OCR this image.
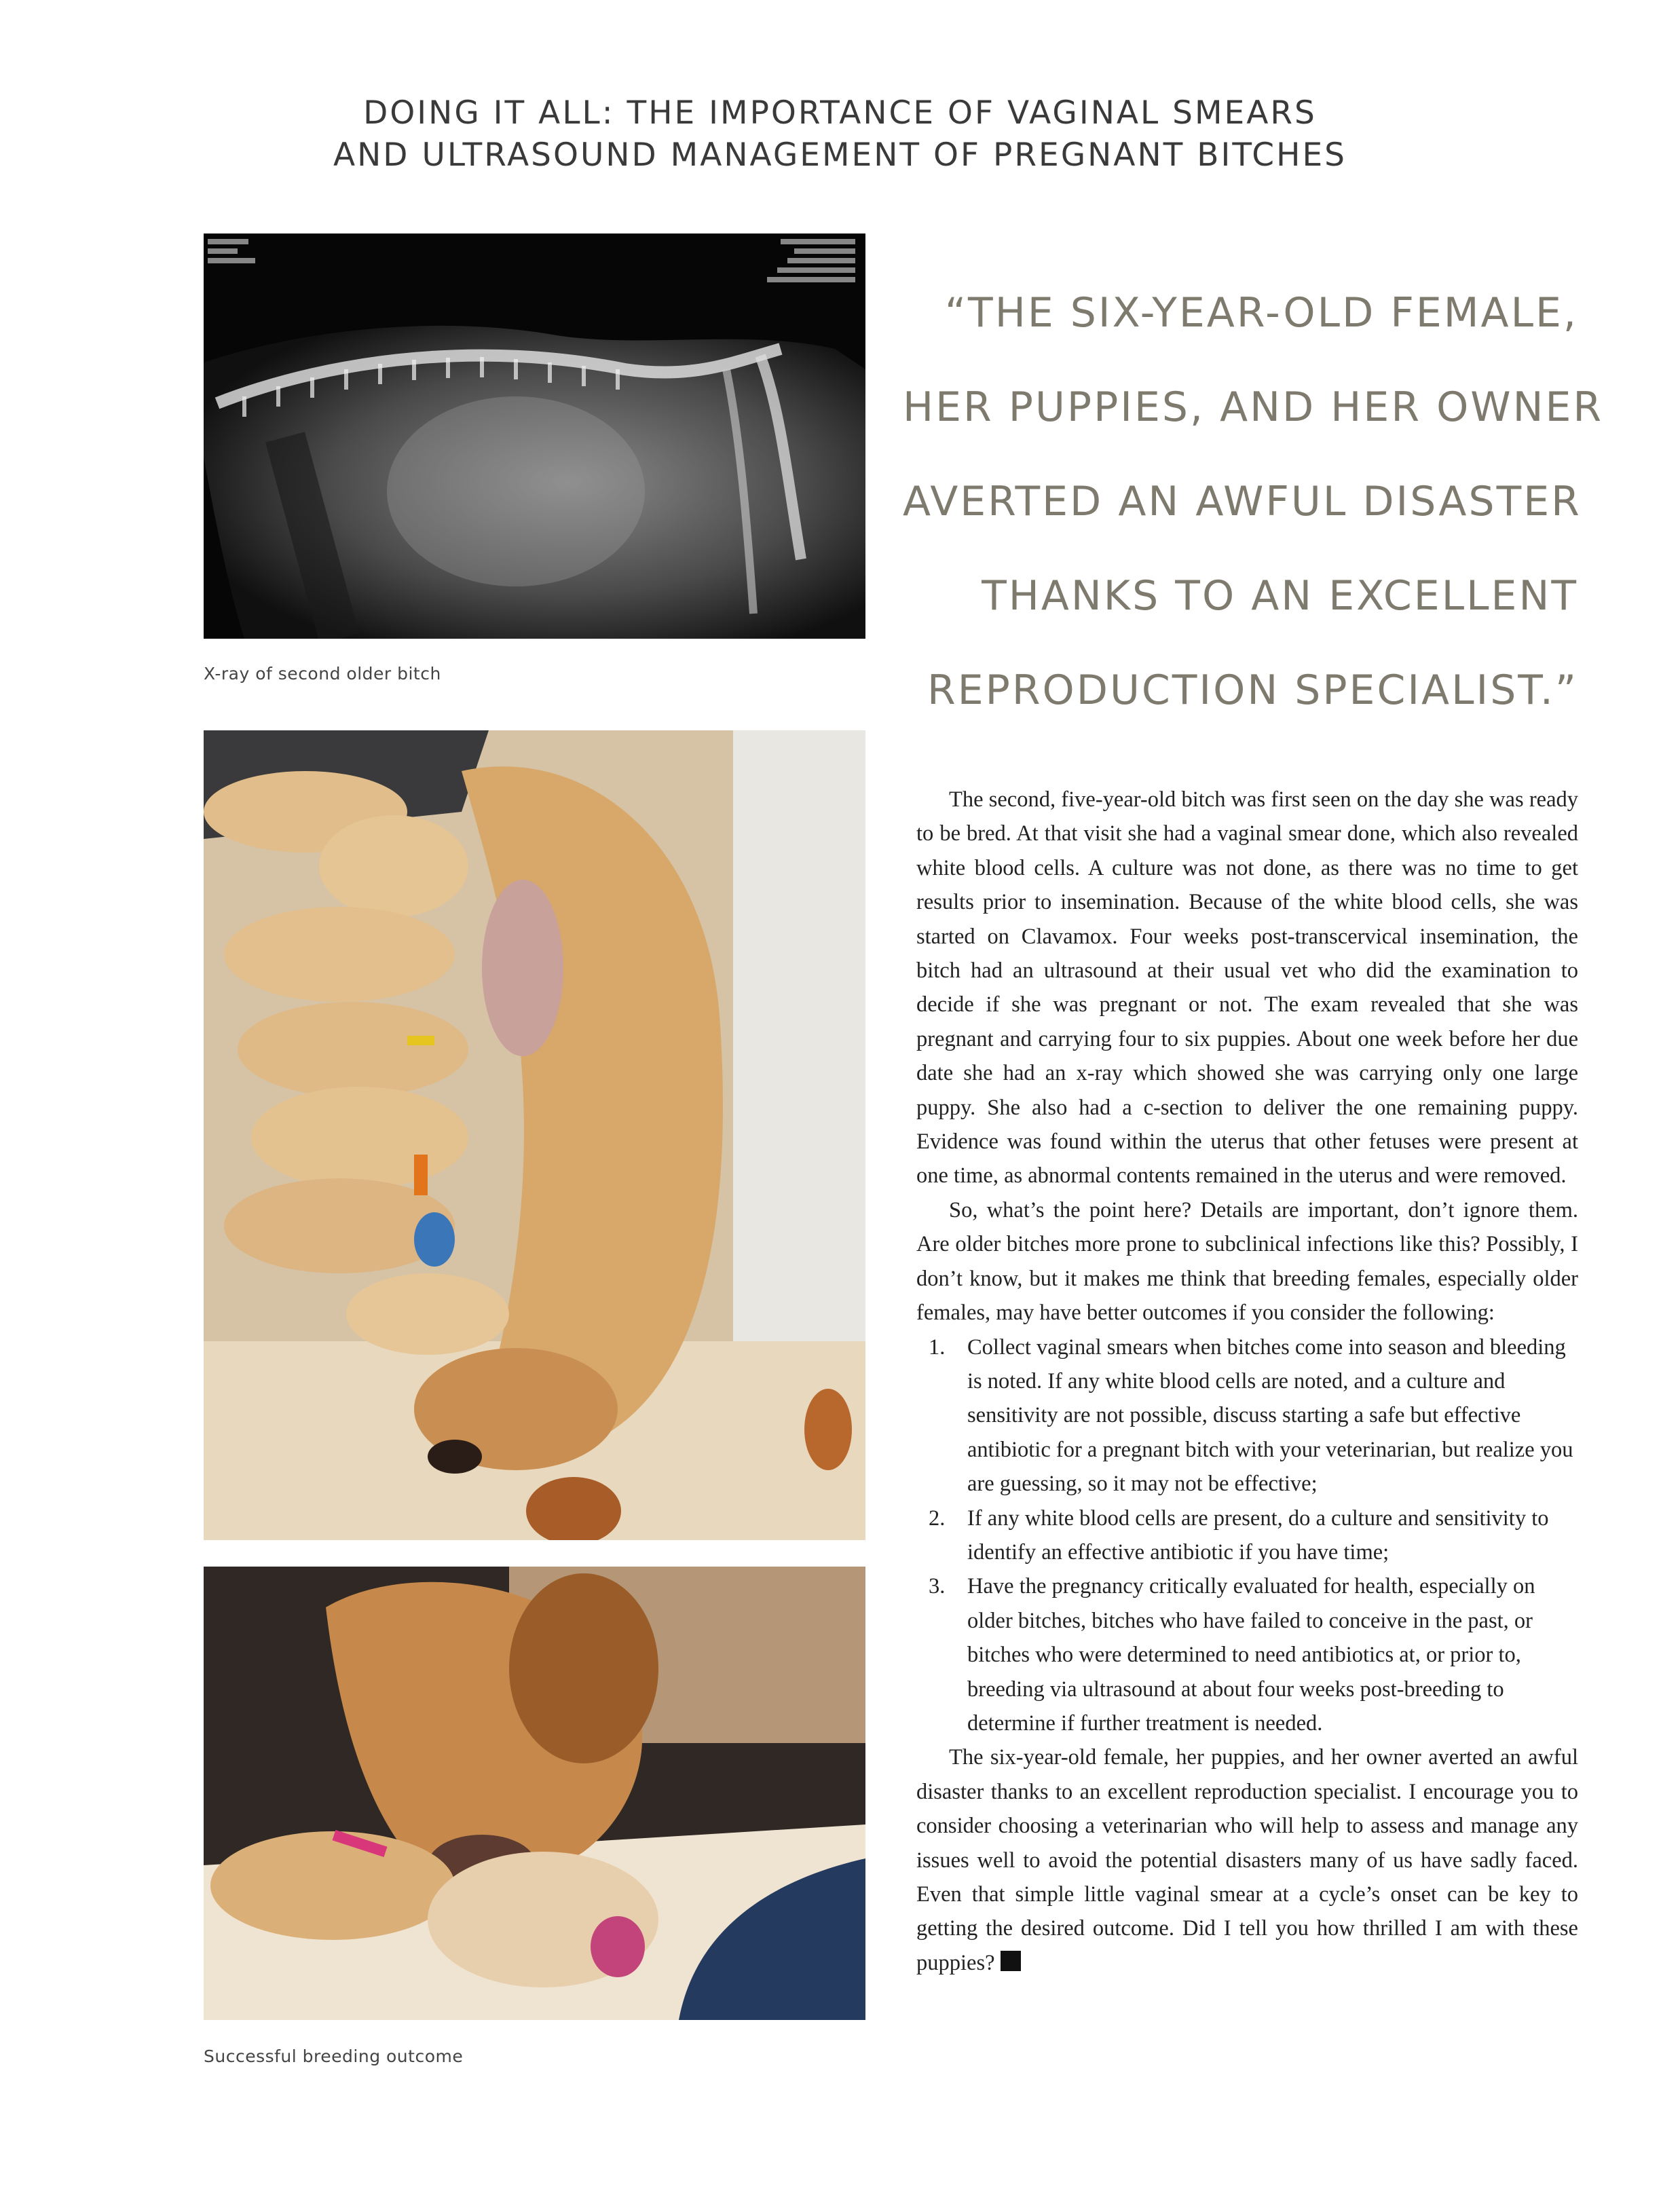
DOING IT ALL: THE IMPORTANCE OF VAGINAL SMEARS
AND ULTRASOUND MANAGEMENT OF PREGNANT BITCHES
X-ray of second older bitch
Successful breeding outcome
“THE SIX-YEAR-OLD FEMALE,
HER PUPPIES, AND HER OWNER
AVERTED AN AWFUL DISASTER
THANKS TO AN EXCELLENT
REPRODUCTION SPECIALIST.”

The second, five-year-old bitch was first seen on the day she was ready to be bred. At that visit she had a vaginal smear done, which also revealed white blood cells. A culture was not done, as there was no time to get results prior to insemination. Because of the white blood cells, she was started on Clavamox. Four weeks post-transcervical insemination, the bitch had an ultrasound at their usual vet who did the examination to decide if she was pregnant or not. The exam revealed that she was pregnant and carrying four to six puppies. About one week before her due date she had an x-ray which showed she was carrying only one large puppy. She also had a c-section to deliver the one remaining puppy. Evidence was found within the uterus that other fetuses were present at one time, as abnormal contents remained in the uterus and were removed.

So, what’s the point here? Details are important, don’t ignore them. Are older bitches more prone to subclinical infections like this? Possibly, I don’t know, but it makes me think that breeding females, especially older females, may have better outcomes if you consider the following:

1. Collect vaginal smears when bitches come into season and bleeding is noted. If any white blood cells are noted, and a culture and sensitivity are not possible, discuss starting a safe but effective antibiotic for a pregnant bitch with your veterinarian, but realize you are guessing, so it may not be effective;
2. If any white blood cells are present, do a culture and sensitivity to identify an effective antibiotic if you have time;
3. Have the pregnancy critically evaluated for health, especially on older bitches, bitches who have failed to conceive in the past, or bitches who were determined to need antibiotics at, or prior to, breeding via ultrasound at about four weeks post-breeding to determine if further treatment is needed.

The six-year-old female, her puppies, and her owner averted an awful disaster thanks to an excellent reproduction specialist. I encourage you to consider choosing a veterinarian who will help to assess and manage any issues well to avoid the potential disasters many of us have sadly faced. Even that simple little vaginal smear at a cycle’s onset can be key to getting the desired outcome. Did I tell you how thrilled I am with these puppies?
